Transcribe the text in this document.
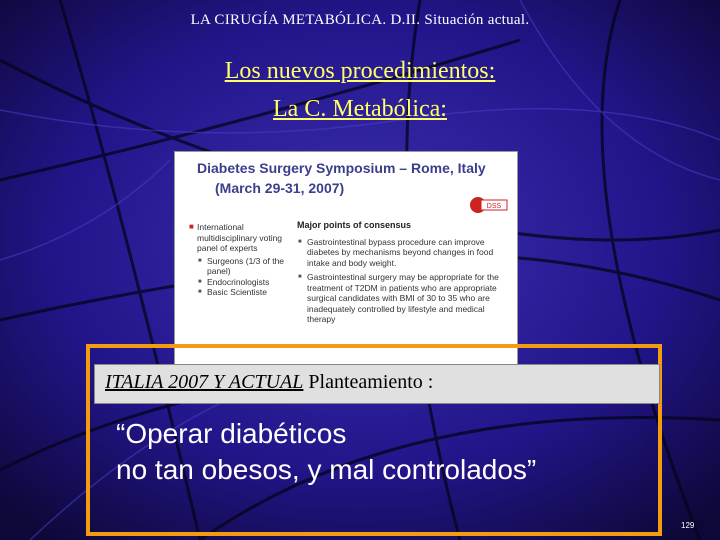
LA CIRUGÍA METABÓLICA. D.II. Situación actual.
Los nuevos procedimientos:
La C. Metabólica:
Diabetes Surgery Symposium – Rome, Italy
(March 29-31, 2007)
DSS
■ International multidisciplinary voting panel of experts
■ Surgeons (1/3 of the panel)
■ Endocrinologists
■ Basic Scientiste
Major points of consensus
■ Gastrointestinal bypass procedure can improve diabetes by mechanisms beyond changes in food intake and body weight.
■ Gastrointestinal surgery may be appropriate for the treatment of T2DM in patients who are appropriate surgical candidates with BMI of 30 to 35 who are inadequately controlled by lifestyle and medical therapy
ITALIA 2007 Y ACTUAL Planteamiento :
“Operar diabéticos
no tan obesos, y mal controlados”
129
